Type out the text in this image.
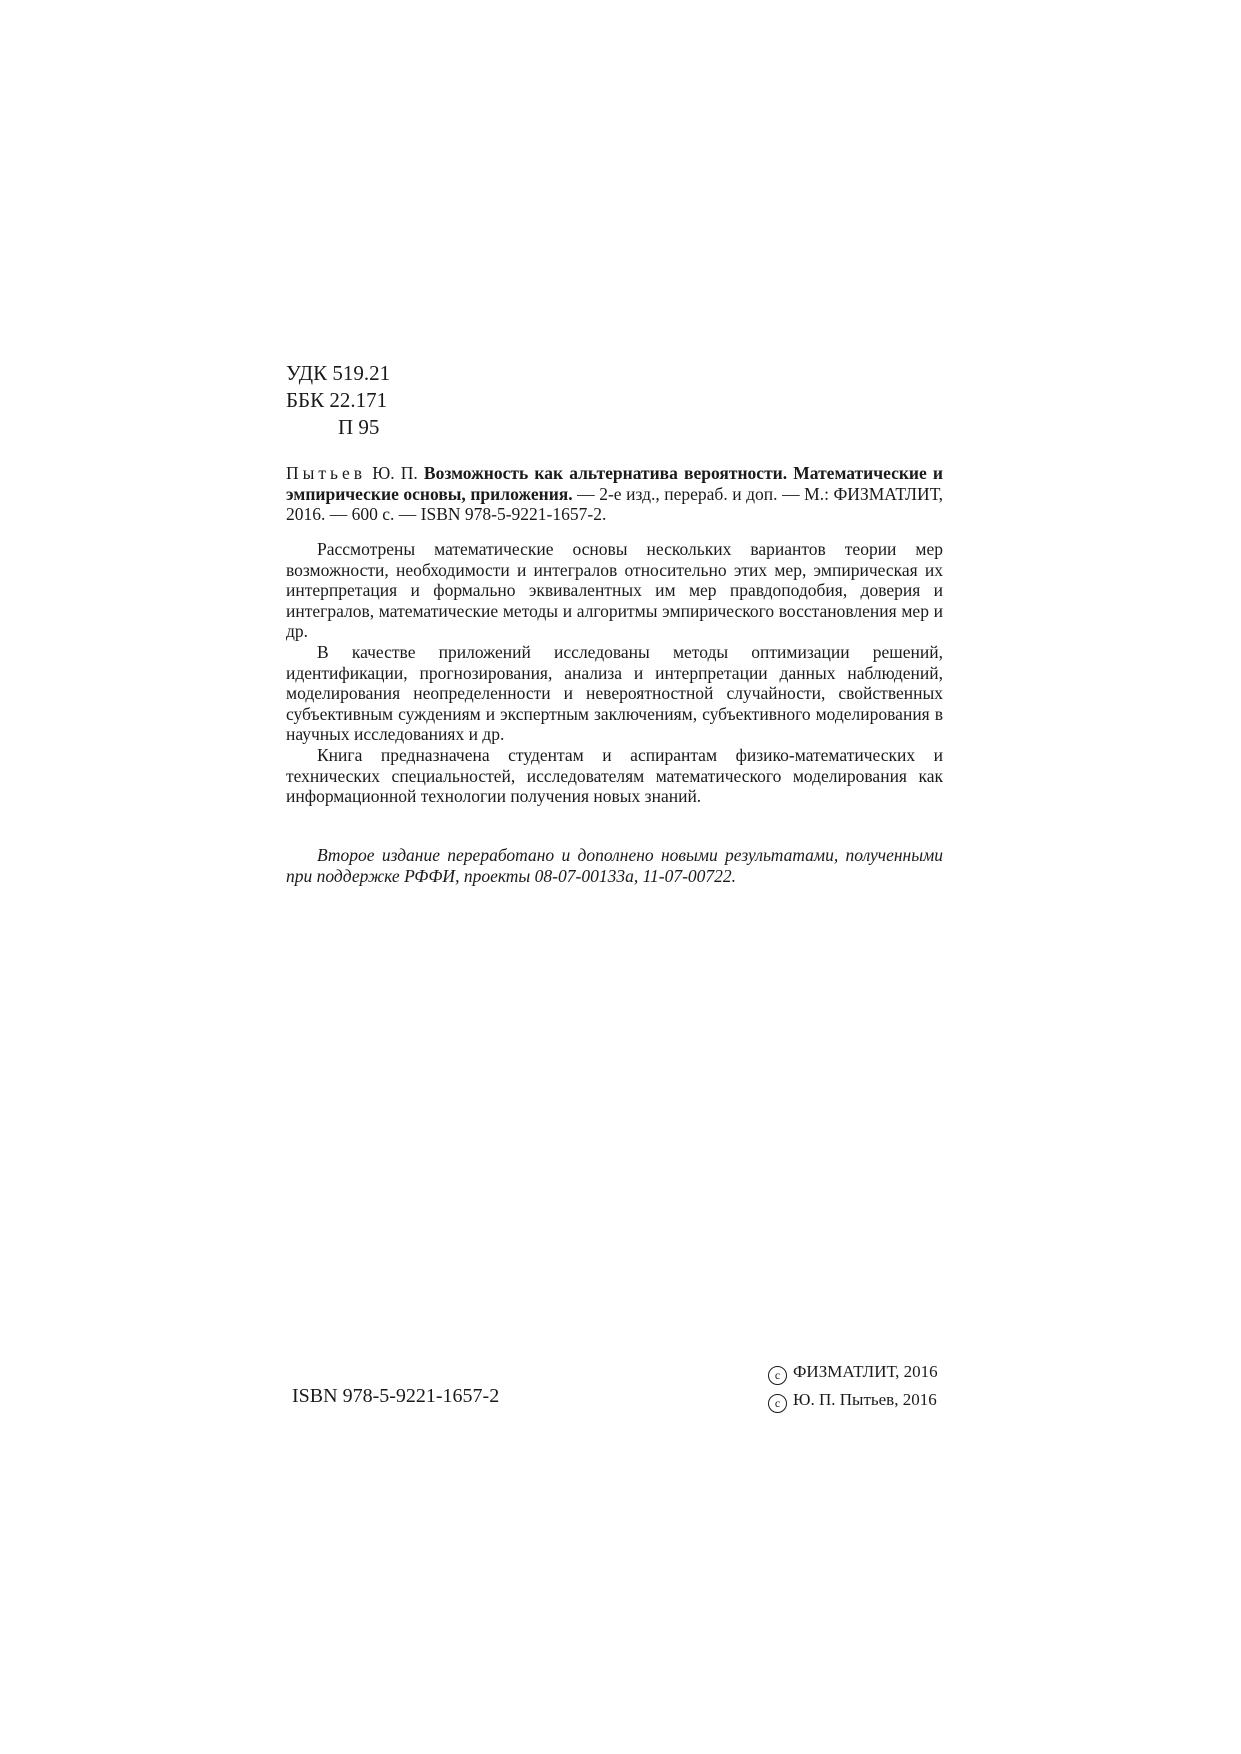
УДК 519.21
ББК 22.171
П 95
Пытьев Ю. П. Возможность как альтернатива вероятности. Математические и эмпирические основы, приложения. — 2-е изд., перераб. и доп. — М.: ФИЗМАТЛИТ, 2016. — 600 с. — ISBN 978-5-9221-1657-2.

Рассмотрены математические основы нескольких вариантов теории мер возможности, необходимости и интегралов относительно этих мер, эмпирическая их интерпретация и формально эквивалентных им мер правдоподобия, доверия и интегралов, математические методы и алгоритмы эмпирического восстановления мер и др.

В качестве приложений исследованы методы оптимизации решений, идентификации, прогнозирования, анализа и интерпретации данных наблюдений, моделирования неопределенности и невероятностной случайности, свойственных субъективным суждениям и экспертным заключениям, субъективного моделирования в научных исследованиях и др.

Книга предназначена студентам и аспирантам физико-математических и технических специальностей, исследователям математического моделирования как информационной технологии получения новых знаний.

Второе издание переработано и дополнено новыми результатами, полученными при поддержке РФФИ, проекты 08-07-00133а, 11-07-00722.

ISBN 978-5-9221-1657-2
c ФИЗМАТЛИТ, 2016
c Ю. П. Пытьев, 2016
